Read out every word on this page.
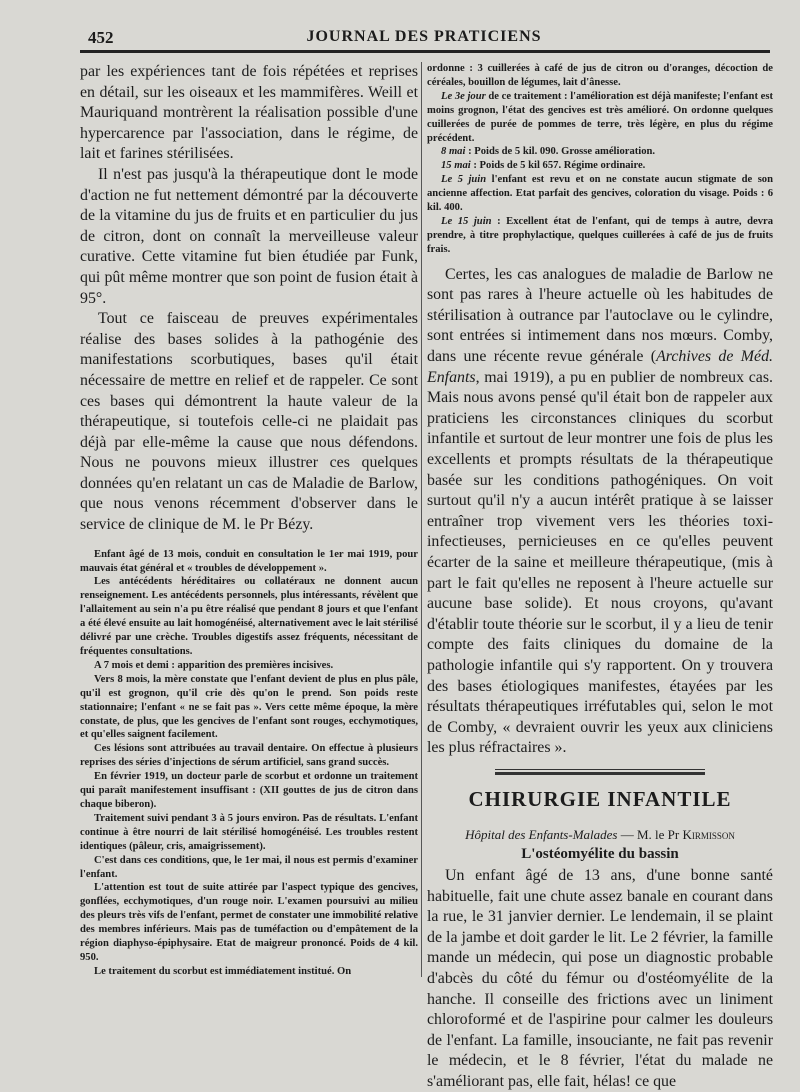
452	JOURNAL DES PRATICIENS

par les expériences tant de fois répétées et reprises en détail, sur les oiseaux et les mammifères. Weill et Mauriquand montrèrent la réalisation possible d'une hypercarence par l'association, dans le régime, de lait et farines stérilisées.

Il n'est pas jusqu'à la thérapeutique dont le mode d'action ne fut nettement démontré par la découverte de la vitamine du jus de fruits et en particulier du jus de citron, dont on connaît la merveilleuse valeur curative. Cette vitamine fut bien étudiée par Funk, qui pût même montrer que son point de fusion était à 95°.

Tout ce faisceau de preuves expérimentales réalise des bases solides à la pathogénie des manifestations scorbutiques, bases qu'il était nécessaire de mettre en relief et de rappeler. Ce sont ces bases qui démontrent la haute valeur de la thérapeutique, si toutefois celle-ci ne plaidait pas déjà par elle-même la cause que nous défendons. Nous ne pouvons mieux illustrer ces quelques données qu'en relatant un cas de Maladie de Barlow, que nous venons récemment d'observer dans le service de clinique de M. le Pr Bézy.

Enfant âgé de 13 mois, conduit en consultation le 1er mai 1919, pour mauvais état général et « troubles de développement ».

Les antécédents héréditaires ou collatéraux ne donnent aucun renseignement. Les antécédents personnels, plus intéressants, révèlent que l'allaitement au sein n'a pu être réalisé que pendant 8 jours et que l'enfant a été élevé ensuite au lait homogénéisé, alternativement avec le lait stérilisé délivré par une crèche. Troubles digestifs assez fréquents, nécessitant de fréquentes consultations.

A 7 mois et demi : apparition des premières incisives.

Vers 8 mois, la mère constate que l'enfant devient de plus en plus pâle, qu'il est grognon, qu'il crie dès qu'on le prend. Son poids reste stationnaire; l'enfant « ne se fait pas ». Vers cette même époque, la mère constate, de plus, que les gencives de l'enfant sont rouges, ecchymotiques, et qu'elles saignent facilement.

Ces lésions sont attribuées au travail dentaire. On effectue à plusieurs reprises des séries d'injections de sérum artificiel, sans grand succès.

En février 1919, un docteur parle de scorbut et ordonne un traitement qui paraît manifestement insuffisant : (XII gouttes de jus de citron dans chaque biberon).

Traitement suivi pendant 3 à 5 jours environ. Pas de résultats. L'enfant continue à être nourri de lait stérilisé homogénéisé. Les troubles restent identiques (pâleur, cris, amaigrissement).

C'est dans ces conditions, que, le 1er mai, il nous est permis d'examiner l'enfant.

L'attention est tout de suite attirée par l'aspect typique des gencives, gonflées, ecchymotiques, d'un rouge noir. L'examen poursuivi au milieu des pleurs très vifs de l'enfant, permet de constater une immobilité relative des membres inférieurs. Mais pas de tuméfaction ou d'empâtement de la région diaphyso-épiphysaire. Etat de maigreur prononcé. Poids de 4 kil. 950.

Le traitement du scorbut est immédiatement institué. On

ordonne : 3 cuillerées à café de jus de citron ou d'oranges, décoction de céréales, bouillon de légumes, lait d'ânesse.

Le 3e jour de ce traitement : l'amélioration est déjà manifeste; l'enfant est moins grognon, l'état des gencives est très amélioré. On ordonne quelques cuillerées de purée de pommes de terre, très légère, en plus du régime précédent.

8 mai : Poids de 5 kil. 090. Grosse amélioration.

15 mai : Poids de 5 kil 657. Régime ordinaire.

Le 5 juin l'enfant est revu et on ne constate aucun stigmate de son ancienne affection. Etat parfait des gencives, coloration du visage. Poids : 6 kil. 400.

Le 15 juin : Excellent état de l'enfant, qui de temps à autre, devra prendre, à titre prophylactique, quelques cuillerées à café de jus de fruits frais.

Certes, les cas analogues de maladie de Barlow ne sont pas rares à l'heure actuelle où les habitudes de stérilisation à outrance par l'autoclave ou le cylindre, sont entrées si intimement dans nos mœurs. Comby, dans une récente revue générale (Archives de Méd. Enfants, mai 1919), a pu en publier de nombreux cas. Mais nous avons pensé qu'il était bon de rappeler aux praticiens les circonstances cliniques du scorbut infantile et surtout de leur montrer une fois de plus les excellents et prompts résultats de la thérapeutique basée sur les conditions pathogéniques. On voit surtout qu'il n'y a aucun intérêt pratique à se laisser entraîner trop vivement vers les théories toxi-infectieuses, pernicieuses en ce qu'elles peuvent écarter de la saine et meilleure thérapeutique, (mis à part le fait qu'elles ne reposent à l'heure actuelle sur aucune base solide). Et nous croyons, qu'avant d'établir toute théorie sur le scorbut, il y a lieu de tenir compte des faits cliniques du domaine de la pathologie infantile qui s'y rapportent. On y trouvera des bases étiologiques manifestes, étayées par les résultats thérapeutiques irréfutables qui, selon le mot de Comby, « devraient ouvrir les yeux aux cliniciens les plus réfractaires ».

CHIRURGIE INFANTILE

Hôpital des Enfants-Malades — M. le Pr Kirmisson

L'ostéomyélite du bassin

Un enfant âgé de 13 ans, d'une bonne santé habituelle, fait une chute assez banale en courant dans la rue, le 31 janvier dernier. Le lendemain, il se plaint de la jambe et doit garder le lit. Le 2 février, la famille mande un médecin, qui pose un diagnostic probable d'abcès du côté du fémur ou d'ostéomyélite de la hanche. Il conseille des frictions avec un liniment chloroformé et de l'aspirine pour calmer les douleurs de l'enfant. La famille, insouciante, ne fait pas revenir le médecin, et le 8 février, l'état du malade ne s'améliorant pas, elle fait, hélas! ce que
